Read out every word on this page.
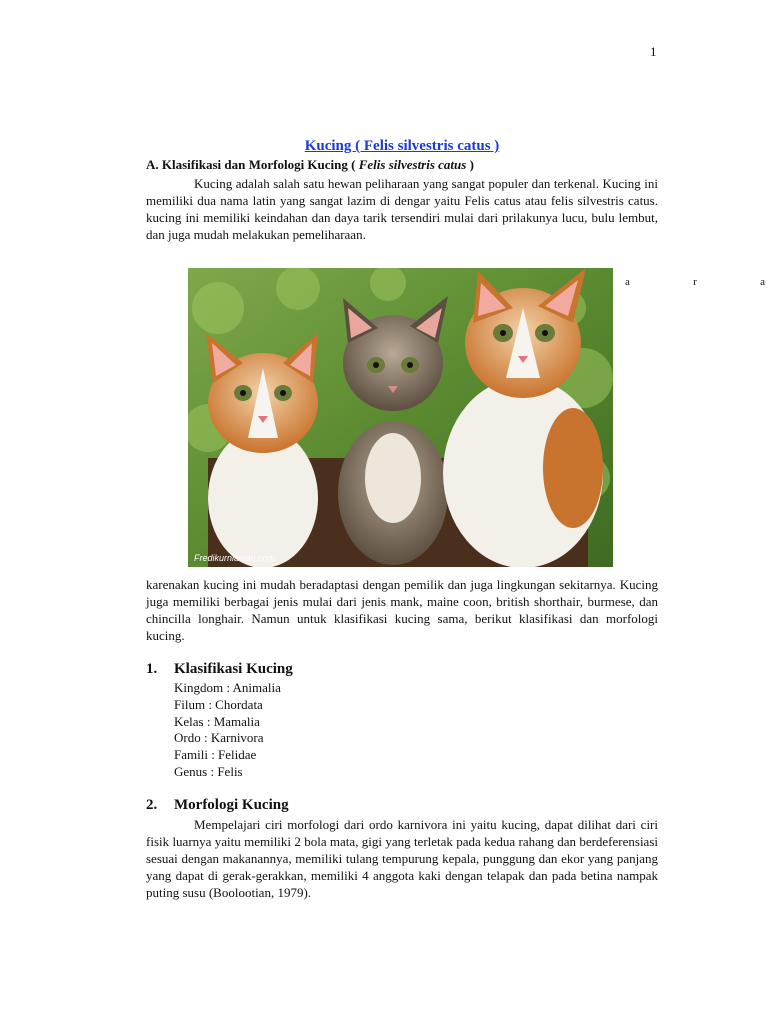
1
Kucing ( Felis silvestris catus )
A. Klasifikasi dan Morfologi Kucing ( Felis silvestris catus )
Kucing adalah salah satu hewan peliharaan yang sangat populer dan terkenal. Kucing ini memiliki dua nama latin yang sangat lazim di dengar yaitu Felis catus atau felis silvestris catus. kucing ini memiliki keindahan dan daya tarik tersendiri mulai dari prilakunya lucu, bulu lembut, dan juga mudah melakukan pemeliharaan.
a	r	a
Fredikurniawan.com
karenakan kucing ini mudah beradaptasi dengan pemilik dan juga lingkungan sekitarnya. Kucing juga memiliki berbagai jenis mulai dari jenis mank, maine coon, british shorthair, burmese, dan chincilla longhair. Namun untuk klasifikasi kucing sama, berikut klasifikasi dan morfologi kucing.
1.	Klasifikasi Kucing
Kingdom : Animalia
Filum : Chordata
Kelas : Mamalia
Ordo : Karnivora
Famili : Felidae
Genus : Felis
2.	Morfologi Kucing
Mempelajari ciri morfologi dari ordo karnivora ini yaitu kucing, dapat dilihat dari ciri fisik luarnya yaitu memiliki 2 bola mata, gigi yang terletak pada kedua rahang dan berdeferensiasi sesuai dengan makanannya, memiliki tulang tempurung kepala, punggung dan ekor yang panjang yang dapat di gerak-gerakkan, memiliki 4 anggota kaki dengan telapak dan pada betina nampak puting susu (Boolootian, 1979).
